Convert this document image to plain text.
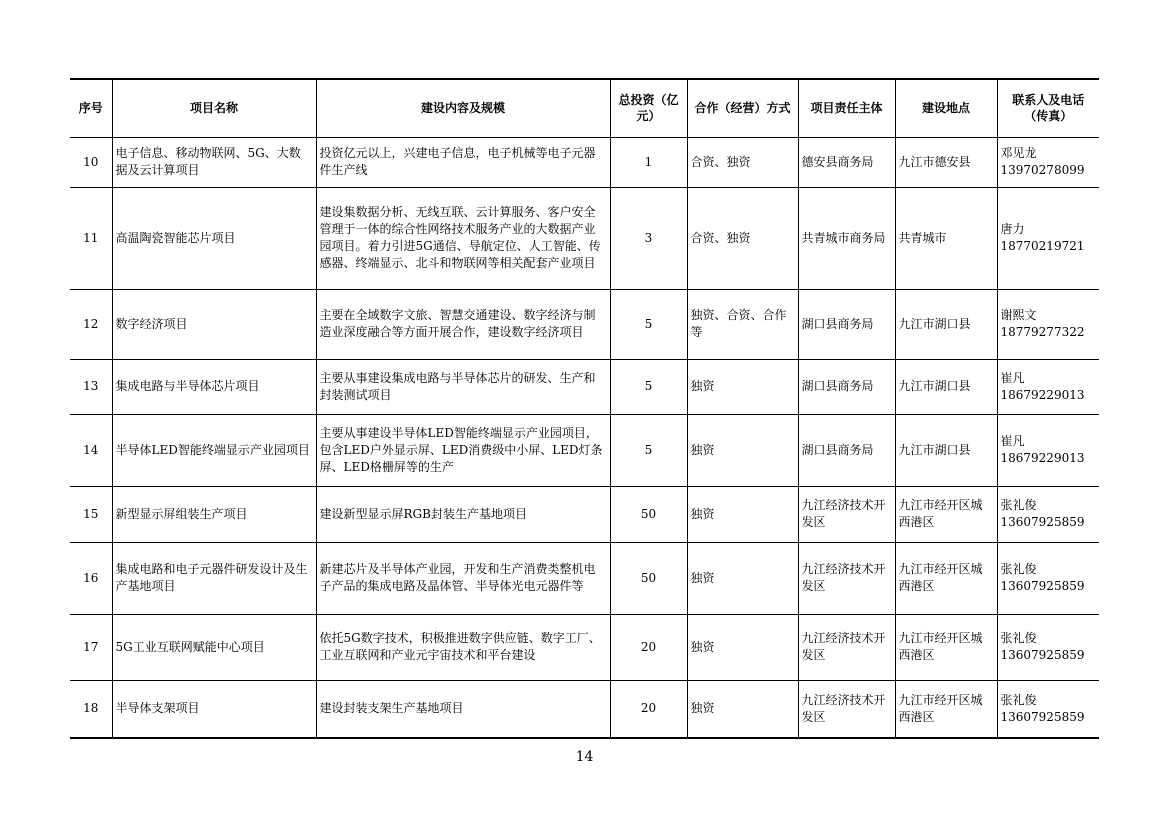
序号	项目名称	建设内容及规模	总投资（亿元）	合作（经营）方式	项目责任主体	建设地点	联系人及电话（传真）
10	电子信息、移动物联网、5G、大数据及云计算项目	投资亿元以上，兴建电子信息，电子机械等电子元器件生产线	1	合资、独资	德安县商务局	九江市德安县	邓见龙
13970278099

11	高温陶瓷智能芯片项目	建设集数据分析、无线互联、云计算服务、客户安全管理于一体的综合性网络技术服务产业的大数据产业园项目。着力引进5G通信、导航定位、人工智能、传感器、终端显示、北斗和物联网等相关配套产业项目	3	合资、独资	共青城市商务局	共青城市	唐力
18770219721

12	数字经济项目	主要在全域数字文旅、智慧交通建设、数字经济与制造业深度融合等方面开展合作，建设数字经济项目	5	独资、合资、合作等	湖口县商务局	九江市湖口县	谢熙文
18779277322

13	集成电路与半导体芯片项目	主要从事建设集成电路与半导体芯片的研发、生产和封装测试项目	5	独资	湖口县商务局	九江市湖口县	崔凡
18679229013

14	半导体LED智能终端显示产业园项目	主要从事建设半导体LED智能终端显示产业园项目，包含LED户外显示屏、LED消费级中小屏、LED灯条屏、LED格栅屏等的生产	5	独资	湖口县商务局	九江市湖口县	崔凡
18679229013

15	新型显示屏组装生产项目	建设新型显示屏RGB封装生产基地项目	50	独资	九江经济技术开发区	九江市经开区城西港区	张礼俊
13607925859

16	集成电路和电子元器件研发设计及生产基地项目	新建芯片及半导体产业园，开发和生产消费类整机电子产品的集成电路及晶体管、半导体光电元器件等	50	独资	九江经济技术开发区	九江市经开区城西港区	张礼俊
13607925859

17	5G工业互联网赋能中心项目	依托5G数字技术，积极推进数字供应链、数字工厂、工业互联网和产业元宇宙技术和平台建设	20	独资	九江经济技术开发区	九江市经开区城西港区	张礼俊
13607925859

18	半导体支架项目	建设封装支架生产基地项目	20	独资	九江经济技术开发区	九江市经开区城西港区	张礼俊
13607925859
14
